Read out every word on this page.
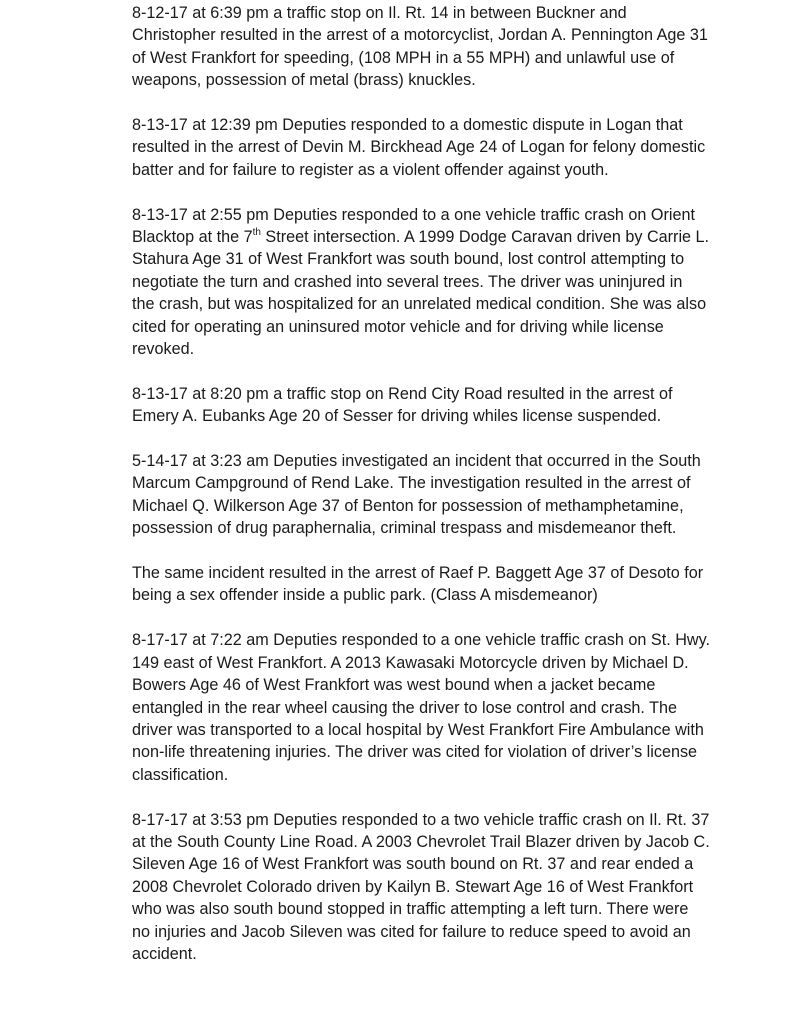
8-12-17 at 6:39 pm a traffic stop on Il. Rt. 14 in between Buckner and
Christopher resulted in the arrest of a motorcyclist, Jordan A. Pennington Age 31
of West Frankfort for speeding, (108 MPH in a 55 MPH) and unlawful use of
weapons, possession of metal (brass) knuckles.

8-13-17 at 12:39 pm Deputies responded to a domestic dispute in Logan that
resulted in the arrest of Devin M. Birckhead Age 24 of Logan for felony domestic
batter and for failure to register as a violent offender against youth.

8-13-17 at 2:55 pm Deputies responded to a one vehicle traffic crash on Orient
Blacktop at the 7th Street intersection. A 1999 Dodge Caravan driven by Carrie L.
Stahura Age 31 of West Frankfort was south bound, lost control attempting to
negotiate the turn and crashed into several trees. The driver was uninjured in
the crash, but was hospitalized for an unrelated medical condition. She was also
cited for operating an uninsured motor vehicle and for driving while license
revoked.

8-13-17 at 8:20 pm a traffic stop on Rend City Road resulted in the arrest of
Emery A. Eubanks Age 20 of Sesser for driving whiles license suspended.

5-14-17 at 3:23 am Deputies investigated an incident that occurred in the South
Marcum Campground of Rend Lake. The investigation resulted in the arrest of
Michael Q. Wilkerson Age 37 of Benton for possession of methamphetamine,
possession of drug paraphernalia, criminal trespass and misdemeanor theft.

The same incident resulted in the arrest of Raef P. Baggett Age 37 of Desoto for
being a sex offender inside a public park. (Class A misdemeanor)

8-17-17 at 7:22 am Deputies responded to a one vehicle traffic crash on St. Hwy.
149 east of West Frankfort. A 2013 Kawasaki Motorcycle driven by Michael D.
Bowers Age 46 of West Frankfort was west bound when a jacket became
entangled in the rear wheel causing the driver to lose control and crash. The
driver was transported to a local hospital by West Frankfort Fire Ambulance with
non-life threatening injuries. The driver was cited for violation of driver’s license
classification.

8-17-17 at 3:53 pm Deputies responded to a two vehicle traffic crash on Il. Rt. 37
at the South County Line Road. A 2003 Chevrolet Trail Blazer driven by Jacob C.
Sileven Age 16 of West Frankfort was south bound on Rt. 37 and rear ended a
2008 Chevrolet Colorado driven by Kailyn B. Stewart Age 16 of West Frankfort
who was also south bound stopped in traffic attempting a left turn. There were
no injuries and Jacob Sileven was cited for failure to reduce speed to avoid an
accident.
